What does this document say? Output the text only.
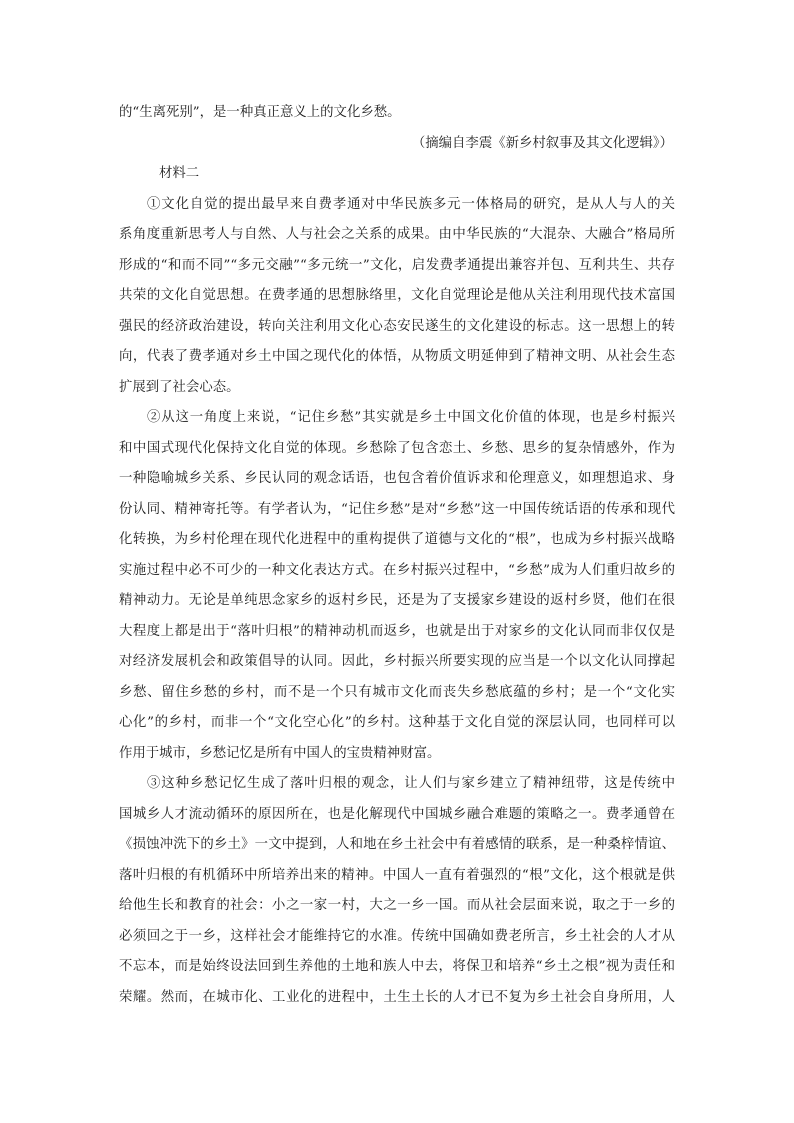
的“生离死别”，是一种真正意义上的文化乡愁。
（摘编自李震《新乡村叙事及其文化逻辑》）
材料二
①文化自觉的提出最早来自费孝通对中华民族多元一体格局的研究，是从人与人的关
系角度重新思考人与自然、人与社会之关系的成果。由中华民族的“大混杂、大融合”格局所
形成的“和而不同”“多元交融”“多元统一”文化，启发费孝通提出兼容并包、互利共生、共存
共荣的文化自觉思想。在费孝通的思想脉络里，文化自觉理论是他从关注利用现代技术富国
强民的经济政治建设，转向关注利用文化心态安民遂生的文化建设的标志。这一思想上的转
向，代表了费孝通对乡土中国之现代化的体悟，从物质文明延伸到了精神文明、从社会生态
扩展到了社会心态。
②从这一角度上来说，“记住乡愁”其实就是乡土中国文化价值的体现，也是乡村振兴
和中国式现代化保持文化自觉的体现。乡愁除了包含恋土、乡愁、思乡的复杂情感外，作为
一种隐喻城乡关系、乡民认同的观念话语，也包含着价值诉求和伦理意义，如理想追求、身
份认同、精神寄托等。有学者认为，“记住乡愁”是对“乡愁”这一中国传统话语的传承和现代
化转换，为乡村伦理在现代化进程中的重构提供了道德与文化的“根”，也成为乡村振兴战略
实施过程中必不可少的一种文化表达方式。在乡村振兴过程中，“乡愁”成为人们重归故乡的
精神动力。无论是单纯思念家乡的返村乡民，还是为了支援家乡建设的返村乡贤，他们在很
大程度上都是出于“落叶归根”的精神动机而返乡，也就是出于对家乡的文化认同而非仅仅是
对经济发展机会和政策倡导的认同。因此，乡村振兴所要实现的应当是一个以文化认同撑起
乡愁、留住乡愁的乡村，而不是一个只有城市文化而丧失乡愁底蕴的乡村；是一个“文化实
心化”的乡村，而非一个“文化空心化”的乡村。这种基于文化自觉的深层认同，也同样可以
作用于城市，乡愁记忆是所有中国人的宝贵精神财富。
③这种乡愁记忆生成了落叶归根的观念，让人们与家乡建立了精神纽带，这是传统中
国城乡人才流动循环的原因所在，也是化解现代中国城乡融合难题的策略之一。费孝通曾在
《损蚀冲洗下的乡土》一文中提到，人和地在乡土社会中有着感情的联系，是一种桑梓情谊、
落叶归根的有机循环中所培养出来的精神。中国人一直有着强烈的“根”文化，这个根就是供
给他生长和教育的社会：小之一家一村，大之一乡一国。而从社会层面来说，取之于一乡的
必须回之于一乡，这样社会才能维持它的水准。传统中国确如费老所言，乡土社会的人才从
不忘本，而是始终设法回到生养他的土地和族人中去，将保卫和培养“乡土之根”视为责任和
荣耀。然而，在城市化、工业化的进程中，土生土长的人才已不复为乡土社会自身所用，人
